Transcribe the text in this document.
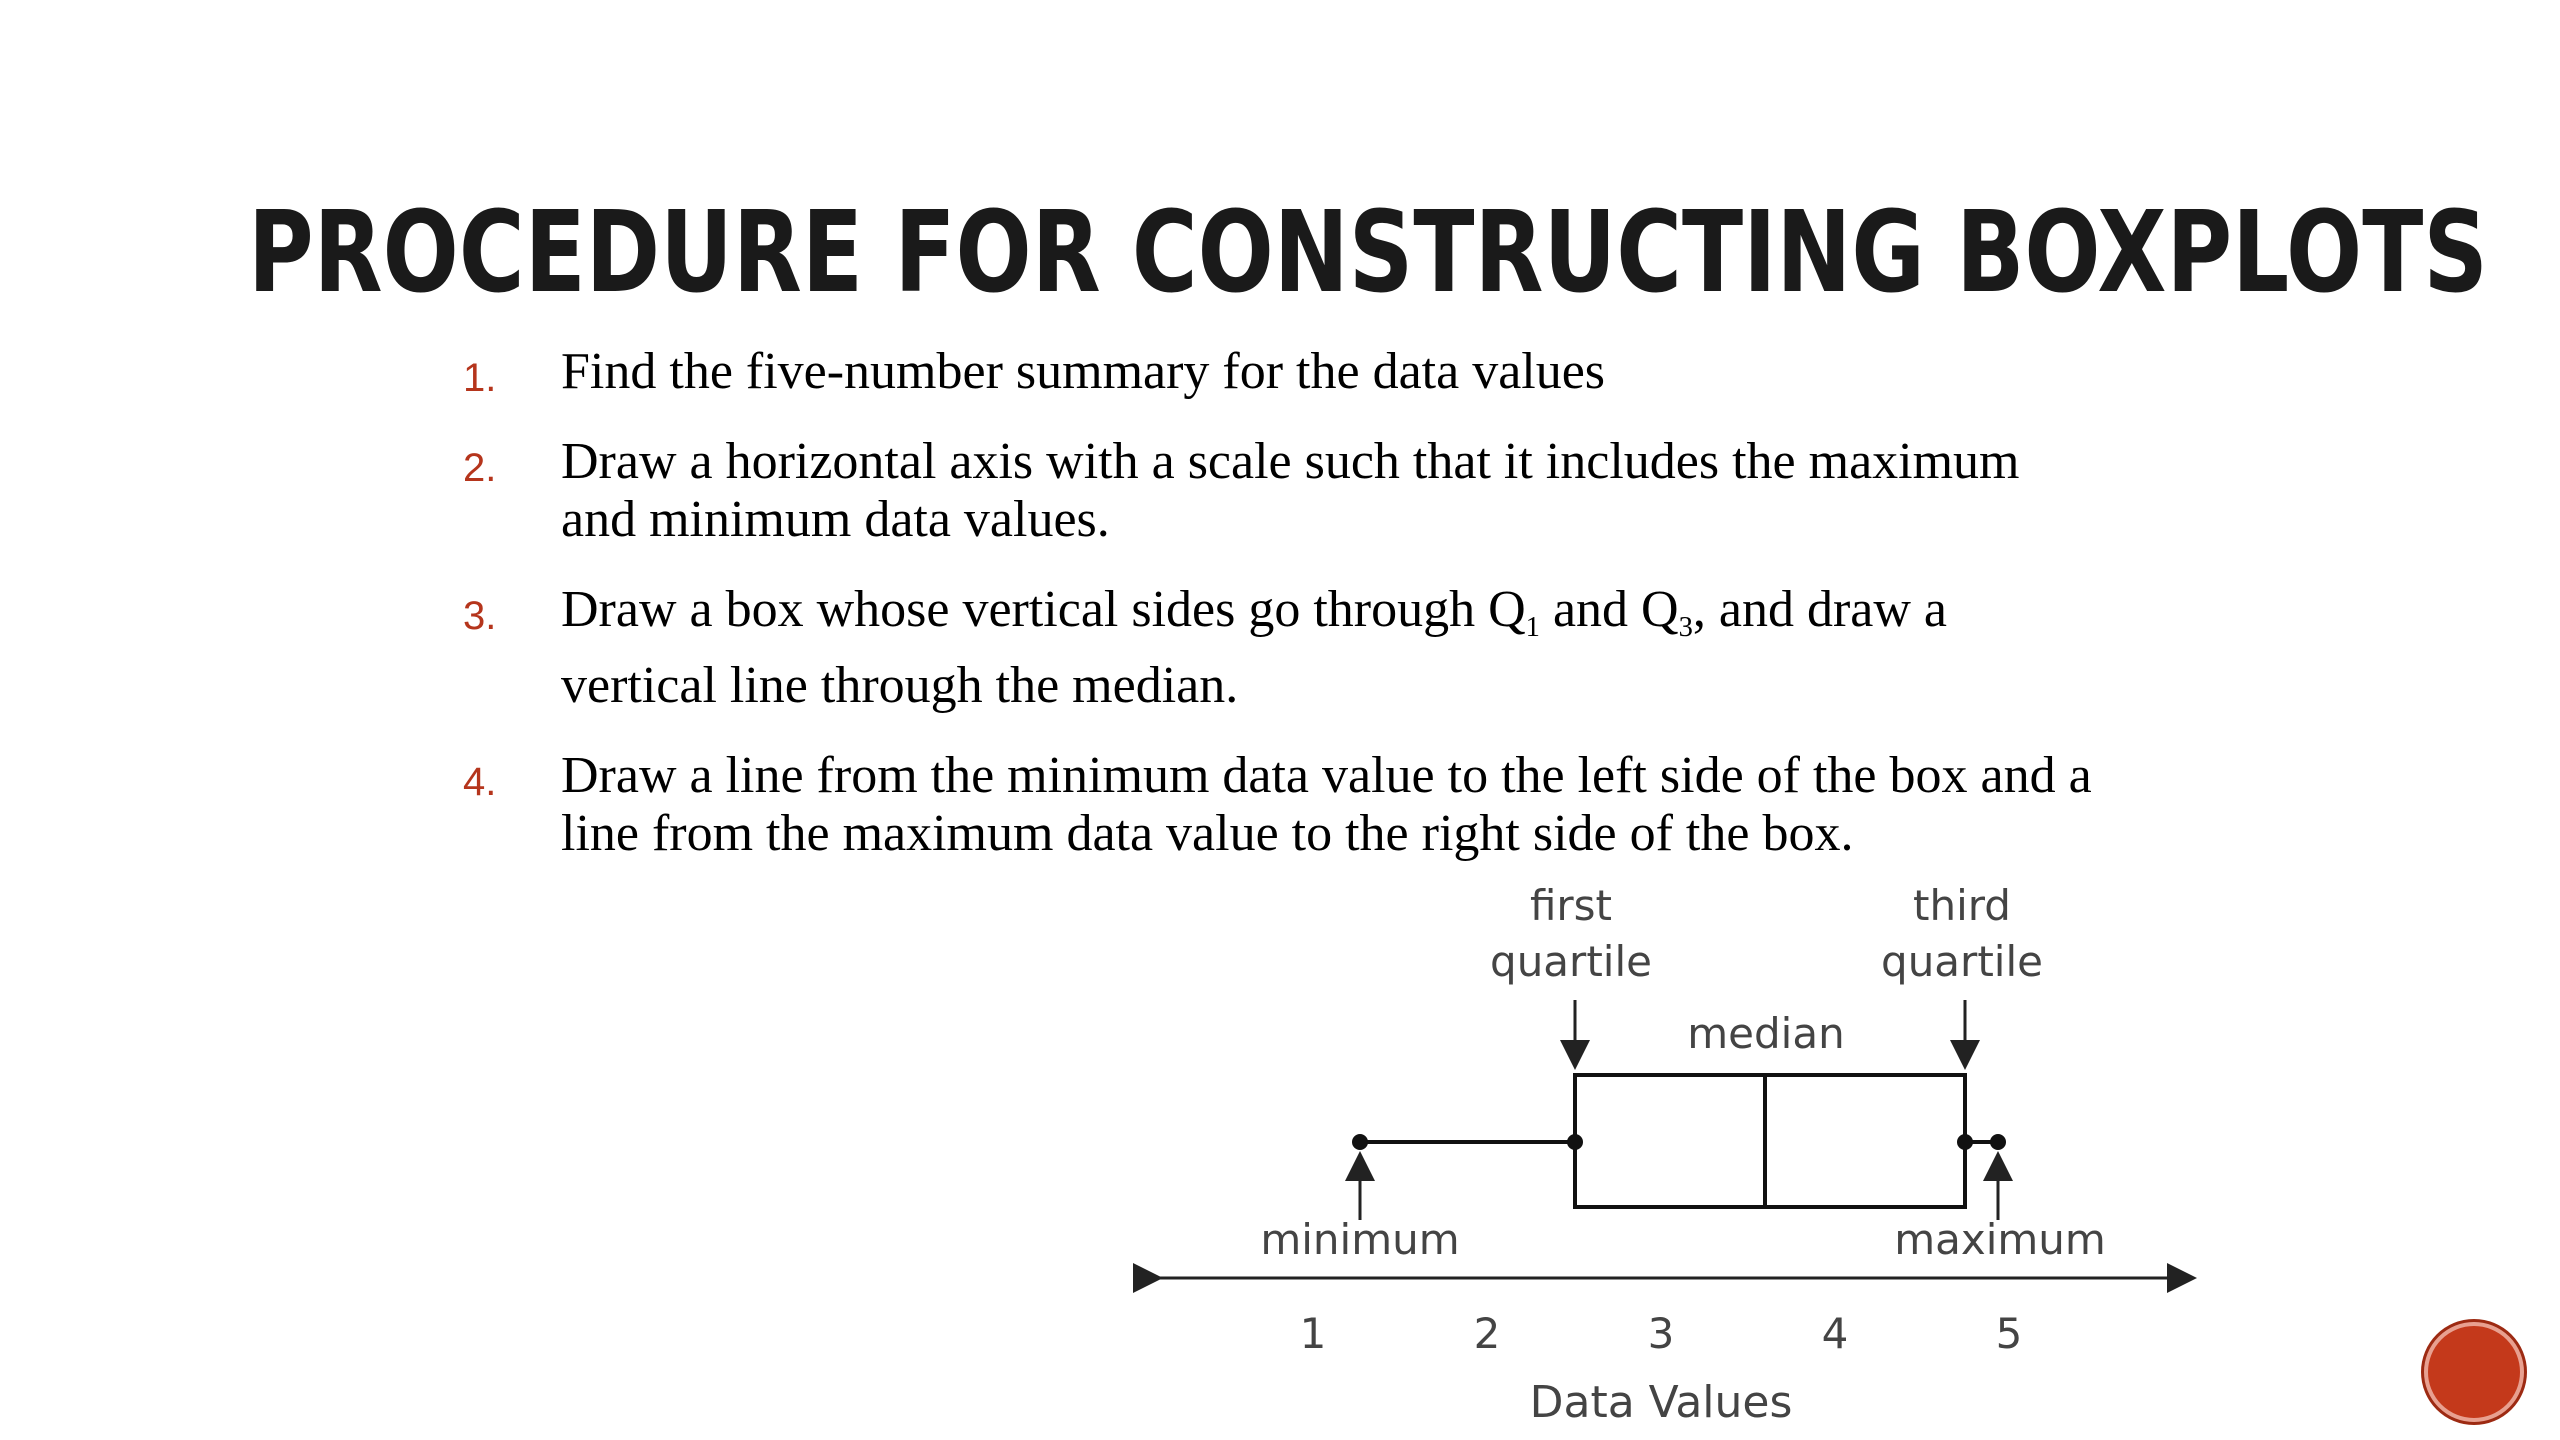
PROCEDURE FOR CONSTRUCTING BOXPLOTS
1. Find the five-number summary for the data values
2. Draw a horizontal axis with a scale such that it includes the maximum and minimum data values.
3. Draw a box whose vertical sides go through $Q_1$ and $Q_3$, and draw a vertical line through the median.
4. Draw a line from the minimum data value to the left side of the box and a line from the maximum data value to the right side of the box.
first
quartile
third
quartile
median
minimum	maximum
1	2	3	4	5
Data Values
